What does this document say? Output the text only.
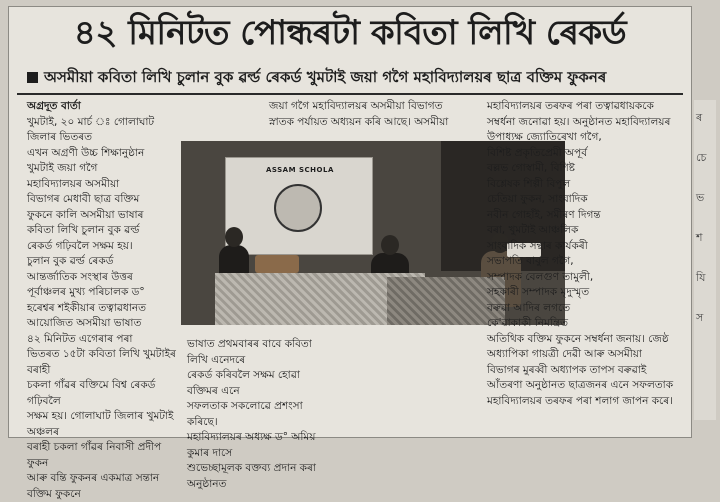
৪২ মিনিটত পোন্ধৰটা কবিতা লিখি ৰেকৰ্ড
অসমীয়া কবিতা লিখি চুলান বুক ৱৰ্ল্ড ৰেকৰ্ড খুমটাই জয়া গগৈ মহাবিদ্যালয়ৰ ছাত্ৰ বক্তিম ফুকনৰ

অগ্ৰদূত বাৰ্তা

খুমটাই, ২০ মাৰ্চ ঃ গোলাঘাট জিলাৰ ভিতৰত

এখন অগ্ৰণী উচ্চ শিক্ষানুষ্ঠান

খুমটাই জয়া গগৈ

মহাবিদ্যালয়ৰ অসমীয়া

বিভাগৰ মেধাবী ছাত্ৰ বক্তিম

ফুকনে কালি অসমীয়া ভাষাৰ

কবিতা লিখি চুলান বুক ৱৰ্ল্ড

ৰেকৰ্ড গঢ়িবলৈ সক্ষম হয়।

চুলান বুক ৱৰ্ল্ড ৰেকৰ্ড

আন্তৰ্জাতিক সংস্থাৰ উত্তৰ

পূৰ্বাঞ্চলৰ মুখ্য পৰিচালক ড°

হৰেশ্বৰ শইকীয়াৰ তত্বাৱধানত

আয়োজিত অসমীয়া ভাষাত

৪২ মিনিটত এগেৰাৰ পৰা

ভিতৰত ১৫টা কবিতা লিখি খুমটাইৰ বৰাহী

চকলা গাঁৱৰ বক্তিমে বিশ্ব ৰেকৰ্ড গঢ়িবলৈ

সক্ষম হয়। গোলাঘাট জিলাৰ খুমটাই অঞ্চলৰ

বৰাহী চকলা গাঁৱৰ নিবাসী প্ৰদীপ ফুকন

আৰু বন্তি ফুকনৰ একমাত্ৰ সন্তান বক্তিম ফুকনে

জয়া গগৈ মহাবিদ্যালয়ৰ অসমীয়া বিভাগত

স্নাতক পৰ্যায়ত অধ্যয়ন কৰি আছে। অসমীয়া

ASSAM SCHOLA

ভাষাত প্ৰথমবাৰৰ বাবে কবিতা লিখি এনেদৰে

ৰেকৰ্ড কৰিবলৈ সক্ষম হোৱা বক্তিমৰ এনে

সফলতাক সকলোৱে প্ৰশংসা কৰিছে।

মহাবিদ্যালয়ৰ অধ্যক্ষ ড° অমিয় কুমাৰ দাসে

শুভেচ্ছামূলক বক্তব্য প্ৰদান কৰা অনুষ্ঠানত

মহাবিদ্যালয়ৰ তৰফৰ পৰা তত্বাৱধায়ককে

সম্বৰ্ধনা জনোৱা হয়। অনুষ্ঠানত মহাবিদ্যালয়ৰ

উপাধ্যক্ষ জ্যোতিৰেখা গগৈ,

বিশিষ্ট প্ৰকৃতিপ্ৰেমী অপূৰ্ব

বল্লভ গোস্বামী, বিশিষ্ট

বিশ্লেষক শিল্পী বিপুল

চেতিয়া ফুকন, সাংবাদিক

নবীন গোহাঁই, সমীৰণ দিগন্ত

বৰা, খুমটাই আঞ্চলিক

সাংবাদিক সন্থাৰ কাৰ্যকৰী

সভাপতি বাবুল গগৈ,

সম্পাদক বেলগুণ তামুলী,

সহকাৰী সম্পাদক মৃদুস্মৃত

বৰুৱা আদিৰ লগতে

কে'ৱাকাকী নিমন্ত্ৰিত

অতিথিক বক্তিম ফুকনে সম্বৰ্ধনা জনায়। জেষ্ঠ

অধ্যাপিকা গায়ত্ৰী দেৱী আৰু অসমীয়া

বিভাগৰ মুৰব্বী অধ্যাপক তাপস বৰুৱাই

আঁতৰণা অনুষ্ঠানত ছাত্ৰজনৰ এনে সফলতাক

মহাবিদ্যালয়ৰ তৰফৰ পৰা শলাগ জাপন কৰে।

ৰ
চে
ভ
শ
যি
স
